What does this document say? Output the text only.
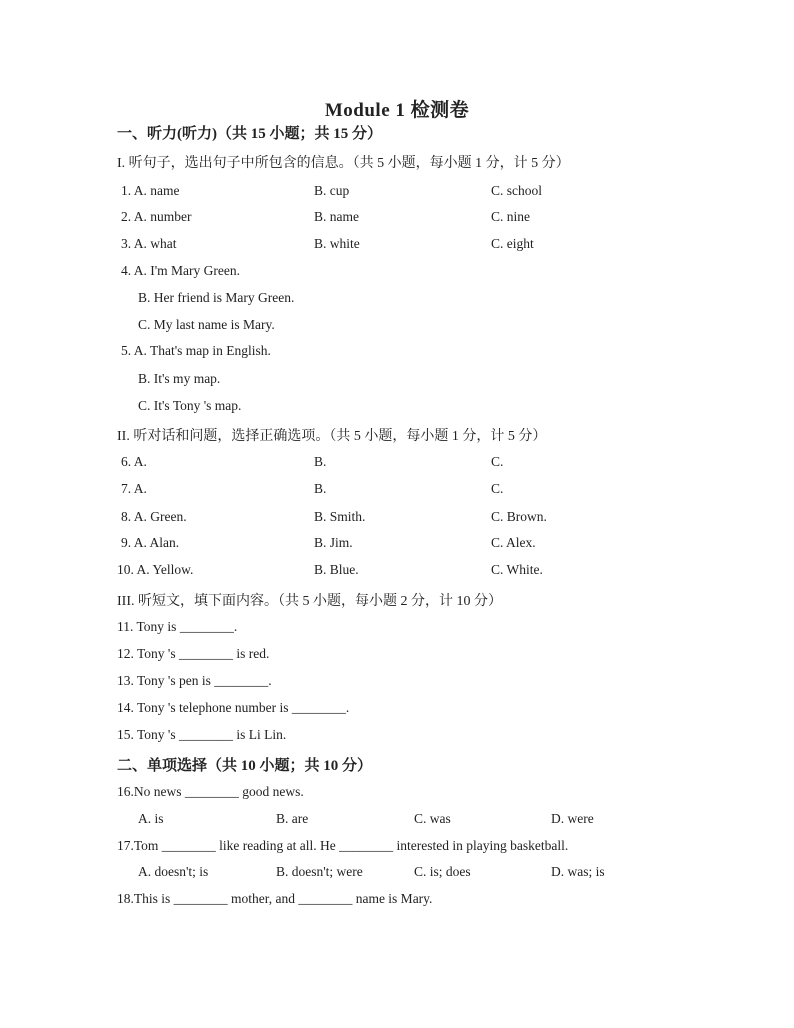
Module 1 检测卷
一、听力(听力)（共 15 小题；共 15 分）
I. 听句子，选出句子中所包含的信息。（共 5 小题，每小题 1 分，计 5 分）
1. A. name	B. cup	C. school
2. A. number	B. name	C. nine
3. A. what	B. white	C. eight
4. A. I'm Mary Green.
B. Her friend is Mary Green.
C. My last name is Mary.
5. A. That's map in English.
B. It's my map.
C. It's Tony 's map.
II. 听对话和问题，选择正确选项。（共 5 小题，每小题 1 分，计 5 分）
6. A.	B.	C.
7. A.	B.	C.
8. A. Green.	B. Smith.	C. Brown.
9. A. Alan.	B. Jim.	C. Alex.
10. A. Yellow.	B. Blue.	C. White.
III. 听短文，填下面内容。（共 5 小题，每小题 2 分，计 10 分）
11. Tony is ________.
12. Tony 's ________ is red.
13. Tony 's pen is ________.
14. Tony 's telephone number is ________.
15. Tony 's ________ is Li Lin.
二、单项选择（共 10 小题；共 10 分）
16.No news ________ good news.
A. is	B. are	C. was	D. were
17.Tom ________ like reading at all. He ________ interested in playing basketball.
A. doesn't; is	B. doesn't; were	C. is; does	D. was; is
18.This is ________ mother, and ________ name is Mary.
